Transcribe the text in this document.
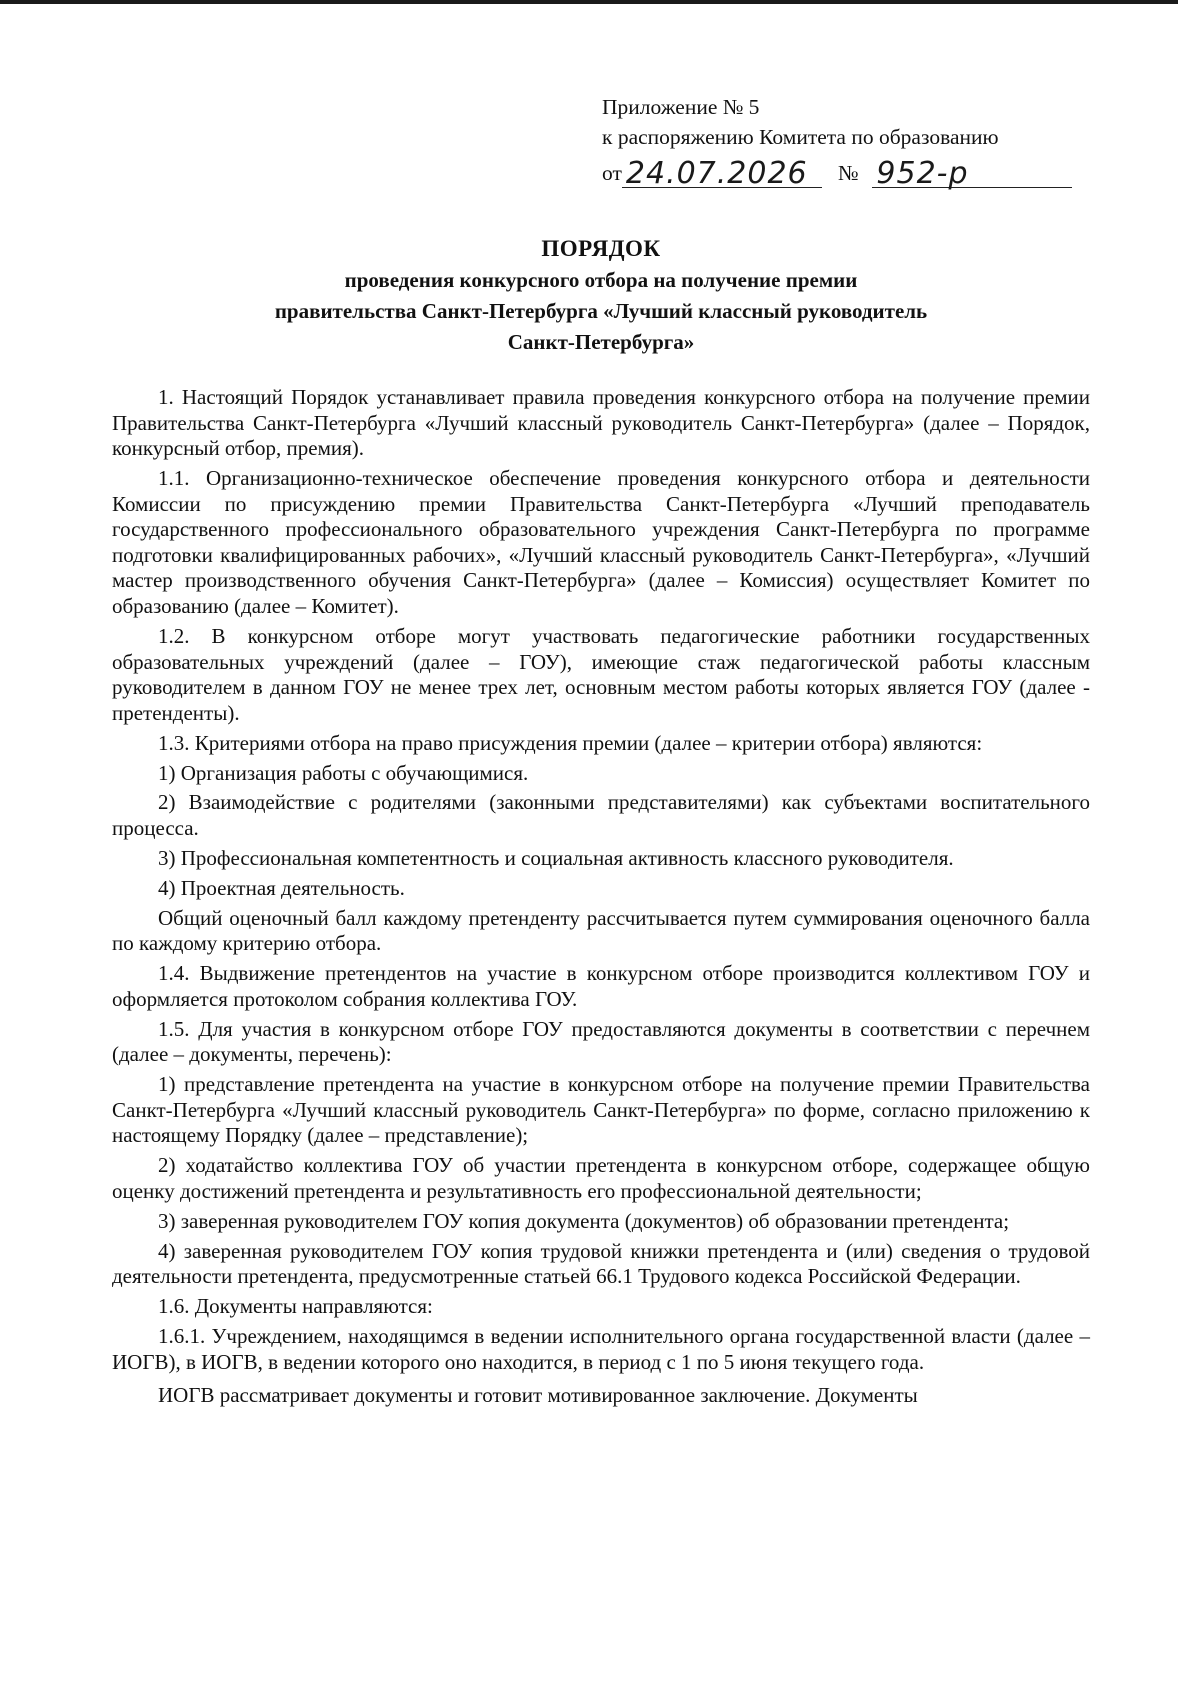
Приложение № 5
к распоряжению Комитета по образованию
от 24.07.2026 № 952-р
ПОРЯДОК
проведения конкурсного отбора на получение премии
правительства Санкт-Петербурга «Лучший классный руководитель
Санкт-Петербурга»

1. Настоящий Порядок устанавливает правила проведения конкурсного отбора на получение премии Правительства Санкт-Петербурга «Лучший классный руководитель Санкт-Петербурга» (далее – Порядок, конкурсный отбор, премия).

1.1. Организационно-техническое обеспечение проведения конкурсного отбора и деятельности Комиссии по присуждению премии Правительства Санкт-Петербурга «Лучший преподаватель государственного профессионального образовательного учреждения Санкт-Петербурга по программе подготовки квалифицированных рабочих», «Лучший классный руководитель Санкт-Петербурга», «Лучший мастер производственного обучения Санкт-Петербурга» (далее – Комиссия) осуществляет Комитет по образованию (далее – Комитет).

1.2. В конкурсном отборе могут участвовать педагогические работники государственных образовательных учреждений (далее – ГОУ), имеющие стаж педагогической работы классным руководителем в данном ГОУ не менее трех лет, основным местом работы которых является ГОУ (далее - претенденты).

1.3. Критериями отбора на право присуждения премии (далее – критерии отбора) являются:

1) Организация работы с обучающимися.

2) Взаимодействие с родителями (законными представителями) как субъектами воспитательного процесса.

3) Профессиональная компетентность и социальная активность классного руководителя.

4) Проектная деятельность.

Общий оценочный балл каждому претенденту рассчитывается путем суммирования оценочного балла по каждому критерию отбора.

1.4. Выдвижение претендентов на участие в конкурсном отборе производится коллективом ГОУ и оформляется протоколом собрания коллектива ГОУ.

1.5. Для участия в конкурсном отборе ГОУ предоставляются документы в соответствии с перечнем (далее – документы, перечень):

1) представление претендента на участие в конкурсном отборе на получение премии Правительства Санкт-Петербурга «Лучший классный руководитель Санкт-Петербурга» по форме, согласно приложению к настоящему Порядку (далее – представление);

2) ходатайство коллектива ГОУ об участии претендента в конкурсном отборе, содержащее общую оценку достижений претендента и результативность его профессиональной деятельности;

3) заверенная руководителем ГОУ копия документа (документов) об образовании претендента;

4) заверенная руководителем ГОУ копия трудовой книжки претендента и (или) сведения о трудовой деятельности претендента, предусмотренные статьей 66.1 Трудового кодекса Российской Федерации.

1.6. Документы направляются:

1.6.1. Учреждением, находящимся в ведении исполнительного органа государственной власти (далее – ИОГВ), в ИОГВ, в ведении которого оно находится, в период с 1 по 5 июня текущего года.

ИОГВ рассматривает документы и готовит мотивированное заключение. Документы
